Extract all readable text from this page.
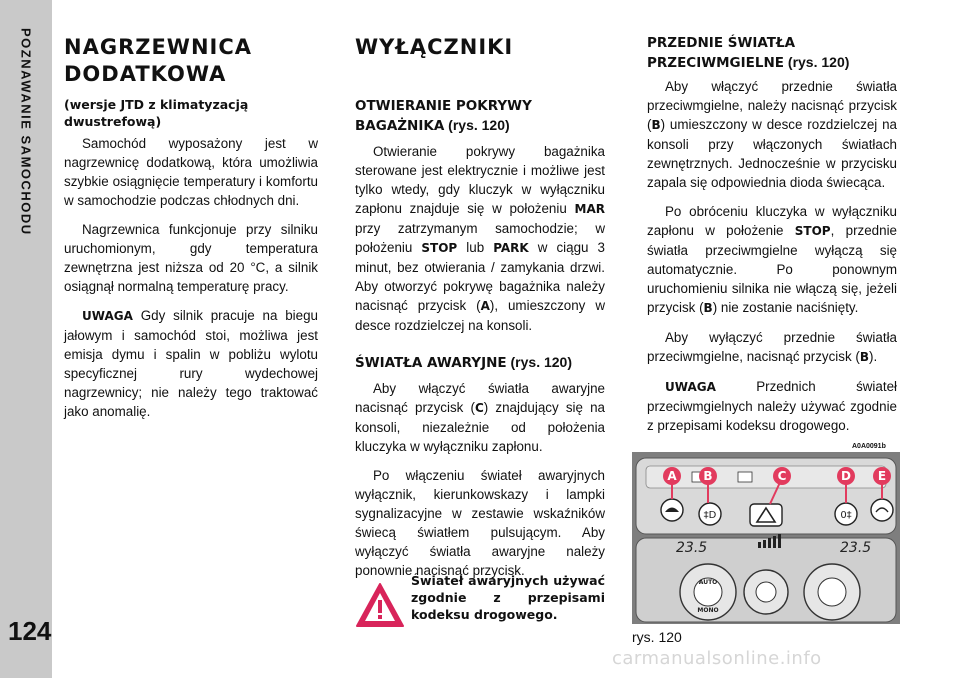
POZNAWANIE SAMOCHODU
124
NAGRZEWNICA
DODATKOWA
(wersje JTD z klimatyzacją dwustrefową)

Samochód wyposażony jest w nagrzewnicę dodatkową, która umożliwia szybkie osiągnięcie temperatury i komfortu w samochodzie podczas chłodnych dni.

Nagrzewnica funkcjonuje przy silniku uruchomionym, gdy temperatura zewnętrzna jest niższa od 20 °C, a silnik osiągnął normalną temperaturę pracy.

UWAGA Gdy silnik pracuje na biegu jałowym i samochód stoi, możliwa jest emisja dymu i spalin w pobliżu wylotu specyficznej rury wydechowej nagrzewnicy; nie należy tego traktować jako anomalię.

WYŁĄCZNIKI
OTWIERANIE POKRYWY
BAGAŻNIKA (rys. 120)

Otwieranie pokrywy bagażnika sterowane jest elektrycznie i możliwe jest tylko wtedy, gdy kluczyk w wyłączniku zapłonu znajduje się w położeniu MAR przy zatrzymanym samochodzie; w położeniu STOP lub PARK w ciągu 3 minut, bez otwierania / zamykania drzwi. Aby otworzyć pokrywę bagażnika należy nacisnąć przycisk (A), umieszczony w desce rozdzielczej na konsoli.

ŚWIATŁA AWARYJNE (rys. 120)

Aby włączyć światła awaryjne nacisnąć przycisk (C) znajdujący się na konsoli, niezależnie od położenia kluczyka w wyłączniku zapłonu.

Po włączeniu świateł awaryjnych wyłącznik, kierunkowskazy i lampki sygnalizacyjne w zestawie wskaźników świecą światłem pulsującym. Aby wyłączyć światła awaryjne należy ponownie nacisnąć przycisk.

Świateł awaryjnych używać zgodnie z przepisami kodeksu drogowego.
PRZEDNIE ŚWIATŁA
PRZECIWMGIELNE (rys. 120)

Aby włączyć przednie światła przeciwmgielne, należy nacisnąć przycisk (B) umieszczony w desce rozdzielczej na konsoli przy włączonych światłach zewnętrznych. Jednocześnie w przycisku zapala się odpowiednia dioda świecąca.

Po obróceniu kluczyka w wyłączniku zapłonu w położenie STOP, przednie światła przeciwmgielne wyłączą się automatycznie. Po ponownym uruchomieniu silnika nie włączą się, jeżeli przycisk (B) nie zostanie naciśnięty.

Aby wyłączyć przednie światła przeciwmgielne, nacisnąć przycisk (B).

UWAGA Przednich świateł przeciwmgielnych należy używać zgodnie z przepisami kodeksu drogowego.

A0A0091b
‡D	0‡
23.5	23.5
AUTO
MONO
A B	C	D E
rys. 120
carmanualsonline.info
